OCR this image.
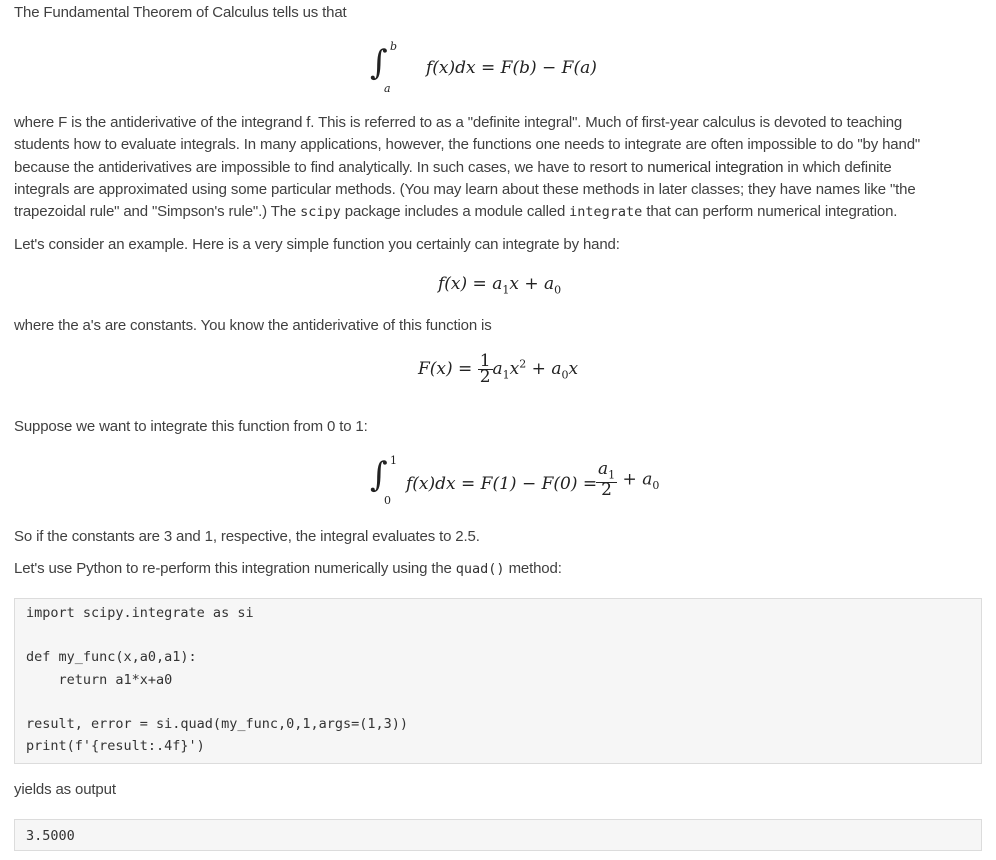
The Fundamental Theorem of Calculus tells us that

∫ b
a
f(x)dx = F(b) − F(a)
where F is the antiderivative of the integrand f. This is referred to as a "definite integral". Much of first-year calculus is devoted to teaching
students how to evaluate integrals. In many applications, however, the functions one needs to integrate are often impossible to do "by hand"
because the antiderivatives are impossible to find analytically. In such cases, we have to resort to numerical integration in which definite
integrals are approximated using some particular methods. (You may learn about these methods in later classes; they have names like "the
trapezoidal rule" and "Simpson's rule".) The scipy package includes a module called integrate that can perform numerical integration.

Let's consider an example. Here is a very simple function you certainly can integrate by hand:

$f(x) = a_1x + a_0$

where the a's are constants. You know the antiderivative of this function is

$F(x) = \frac{1}{2} a_1x^2 + a_0x$

Suppose we want to integrate this function from 0 to 1:

∫ 1
0
f(x)dx = F(1) − F(0) =
$\frac{a_1}{2} + a_0$

So if the constants are 3 and 1, respective, the integral evaluates to 2.5.

Let's use Python to re-perform this integration numerically using the quad() method:

import scipy.integrate as si

def my_func(x,a0,a1):
return a1*x+a0

result, error = si.quad(my_func,0,1,args=(1,3))
print(f'{result:.4f}')

yields as output

3.5000
